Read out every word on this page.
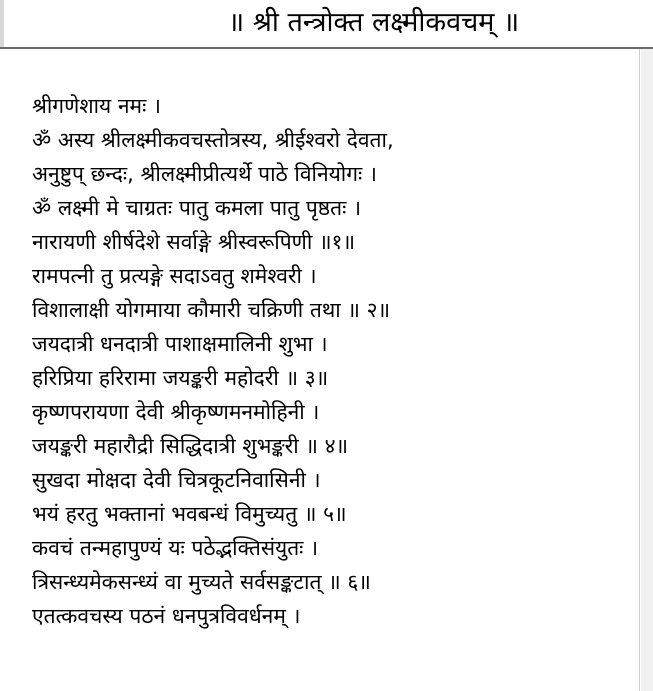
॥ श्री तन्त्रोक्त लक्ष्मीकवचम् ॥
श्रीगणेशाय नमः ।
ॐ अस्य श्रीलक्ष्मीकवचस्तोत्रस्य, श्रीईश्वरो देवता,
अनुष्टुप् छन्दः, श्रीलक्ष्मीप्रीत्यर्थे पाठे विनियोगः ।
ॐ लक्ष्मी मे चाग्रतः पातु कमला पातु पृष्ठतः ।
नारायणी शीर्षदेशे सर्वाङ्गे श्रीस्वरूपिणी ॥१॥
रामपत्नी तु प्रत्यङ्गे सदाऽवतु शमेश्वरी ।
विशालाक्षी योगमाया कौमारी चक्रिणी तथा ॥ २॥
जयदात्री धनदात्री पाशाक्षमालिनी शुभा ।
हरिप्रिया हरिरामा जयङ्करी महोदरी ॥ ३॥
कृष्णपरायणा देवी श्रीकृष्णमनमोहिनी ।
जयङ्करी महारौद्री सिद्धिदात्री शुभङ्करी ॥ ४॥
सुखदा मोक्षदा देवी चित्रकूटनिवासिनी ।
भयं हरतु भक्तानां भवबन्धं विमुच्यतु ॥ ५॥
कवचं तन्महापुण्यं यः पठेद्भक्तिसंयुतः ।
त्रिसन्ध्यमेकसन्ध्यं वा मुच्यते सर्वसङ्कटात् ॥ ६॥
एतत्कवचस्य पठनं धनपुत्रविवर्धनम् ।
